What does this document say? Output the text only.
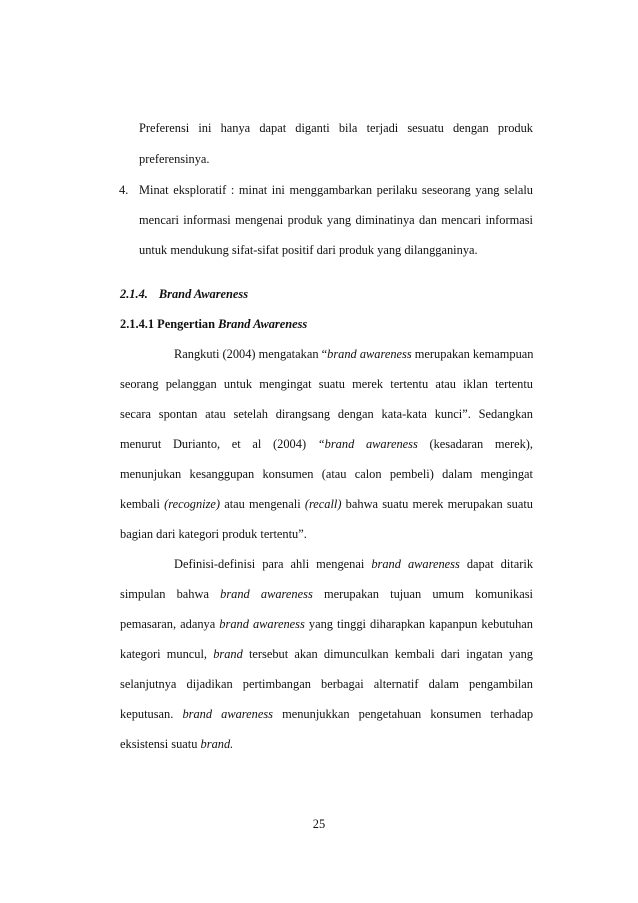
Preferensi ini hanya dapat diganti bila terjadi sesuatu dengan produk
preferensinya.
4. Minat eksploratif : minat ini menggambarkan perilaku seseorang yang selalu
mencari informasi mengenai produk yang diminatinya dan mencari informasi
untuk mendukung sifat-sifat positif dari produk yang dilangganinya.
2.1.4. Brand Awareness
2.1.4.1 Pengertian Brand Awareness
Rangkuti (2004) mengatakan “brand awareness merupakan kemampuan
seorang pelanggan untuk mengingat suatu merek tertentu atau iklan tertentu
secara spontan atau setelah dirangsang dengan kata-kata kunci”. Sedangkan
menurut Durianto, et al (2004) “brand awareness (kesadaran merek),
menunjukan kesanggupan konsumen (atau calon pembeli) dalam mengingat
kembali (recognize) atau mengenali (recall) bahwa suatu merek merupakan suatu
bagian dari kategori produk tertentu”.
Definisi-definisi para ahli mengenai brand awareness dapat ditarik
simpulan bahwa brand awareness merupakan tujuan umum komunikasi
pemasaran, adanya brand awareness yang tinggi diharapkan kapanpun kebutuhan
kategori muncul, brand tersebut akan dimunculkan kembali dari ingatan yang
selanjutnya dijadikan pertimbangan berbagai alternatif dalam pengambilan
keputusan. brand awareness menunjukkan pengetahuan konsumen terhadap
eksistensi suatu brand.
25
